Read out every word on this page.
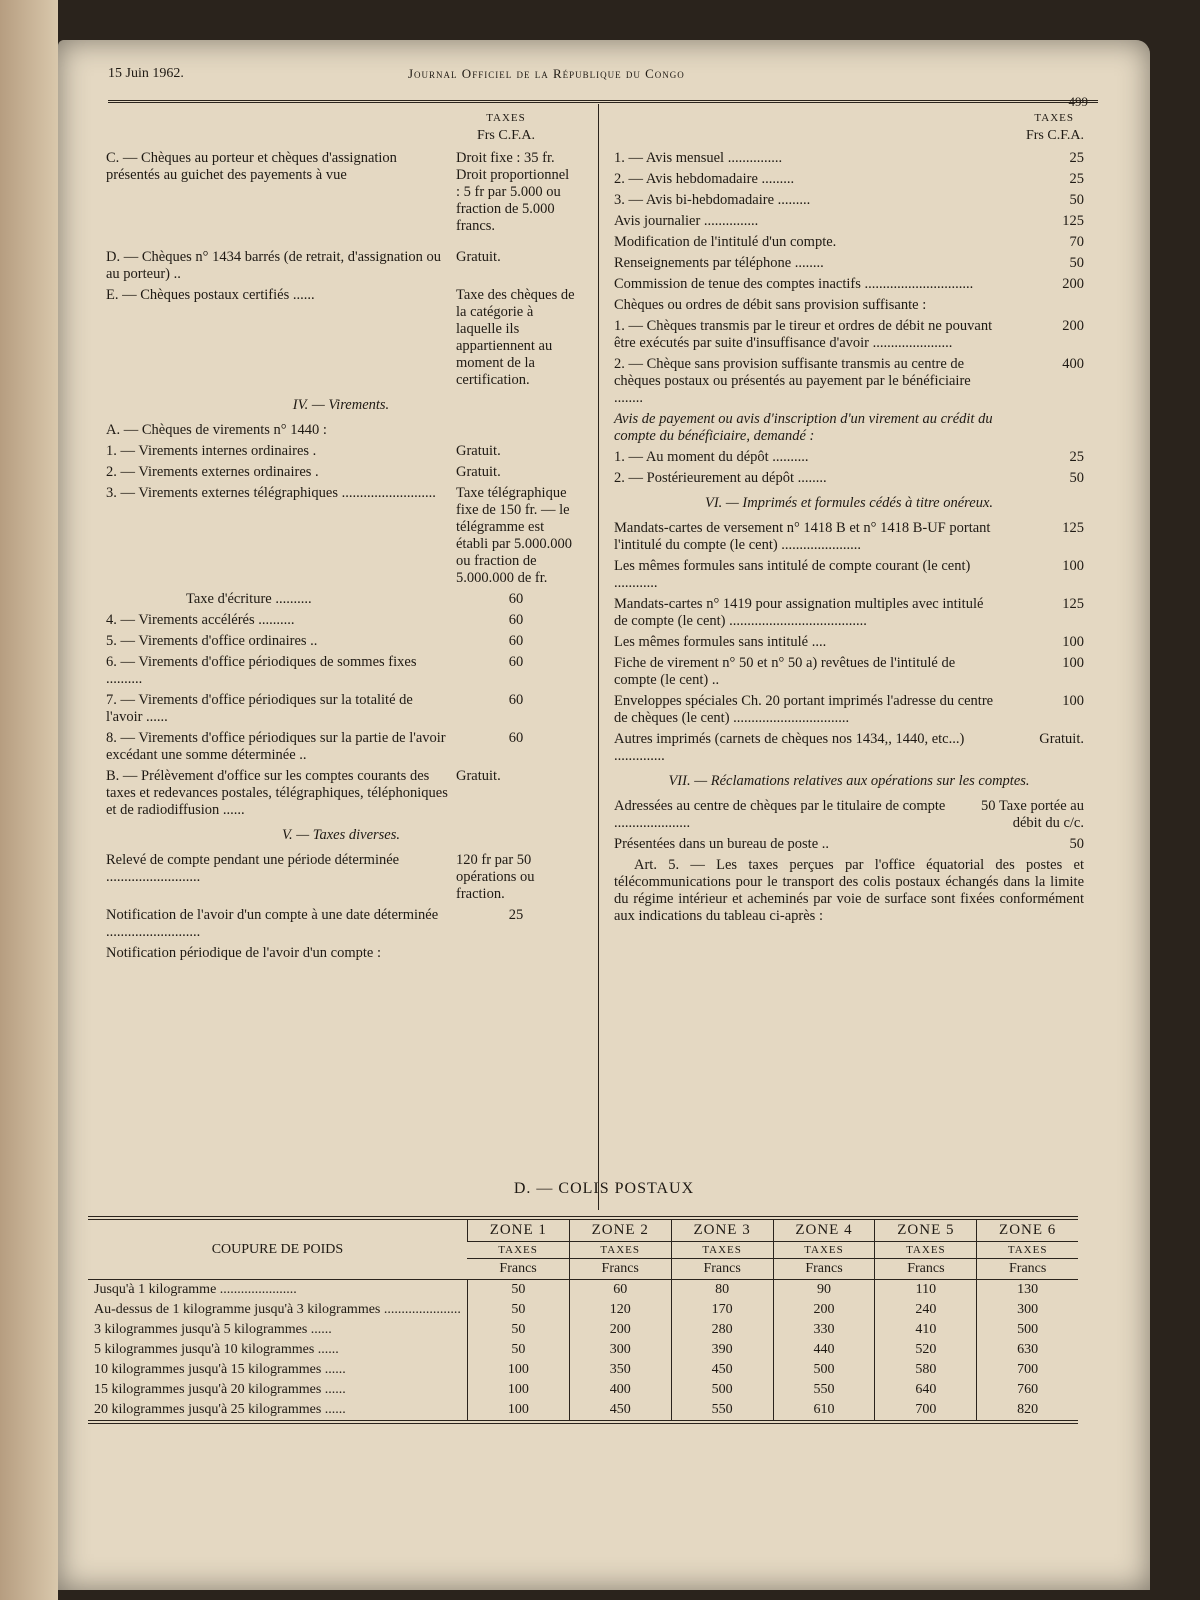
15 Juin 1962.	Journal Officiel de la République du Congo
499
TAXES
Frs C.F.A.
C. — Chèques au porteur et chèques d'assignation présentés au guichet des payements à vue
Droit fixe : 35 fr. Droit proportionnel : 5 fr par 5.000 ou fraction de 5.000 francs.
D. — Chèques n° 1434 barrés (de retrait, d'assignation ou au porteur) ..
Gratuit.
E. — Chèques postaux certifiés ......	Taxe des chèques de la catégorie à laquelle ils appartiennent au moment de la certification.
IV. — Virements.
A. — Chèques de virements n° 1440 :
1. — Virements internes ordinaires .	Gratuit.
2. — Virements externes ordinaires .	Gratuit.
3. — Virements externes télégraphiques ..........................	Taxe télégraphique fixe de 150 fr. — le télégramme est établi par 5.000.000 ou fraction de 5.000.000 de fr.
Taxe d'écriture ..........	60
4. — Virements accélérés ..........	60
5. — Virements d'office ordinaires ..	60
6. — Virements d'office périodiques de sommes fixes ..........
60
7. — Virements d'office périodiques sur la totalité de l'avoir ......
60
8. — Virements d'office périodiques sur la partie de l'avoir excédant une somme déterminée ..
60
B. — Prélèvement d'office sur les comptes courants des taxes et redevances postales, télégraphiques, téléphoniques et de radiodiffusion ......
Gratuit.
V. — Taxes diverses.
Relevé de compte pendant une période déterminée ..........................
120 fr par 50 opérations ou fraction.
Notification de l'avoir d'un compte à une date déterminée ..........................
25
Notification périodique de l'avoir d'un compte :
TAXES
Frs C.F.A.
1. — Avis mensuel ...............	25
2. — Avis hebdomadaire .........	25
3. — Avis bi-hebdomadaire .........	50
Avis journalier ...............	125
Modification de l'intitulé d'un compte.	70
Renseignements par téléphone ........	50
Commission de tenue des comptes inactifs ..............................	200
Chèques ou ordres de débit sans provision suffisante :
1. — Chèques transmis par le tireur et ordres de débit ne pouvant être exécutés par suite d'insuffisance d'avoir ......................
200
2. — Chèque sans provision suffisante transmis au centre de chèques postaux ou présentés au payement par le bénéficiaire ........
400
Avis de payement ou avis d'inscription d'un virement au crédit du compte du bénéficiaire, demandé :
1. — Au moment du dépôt ..........	25
2. — Postérieurement au dépôt ........	50
VI. — Imprimés et formules cédés à titre onéreux.
Mandats-cartes de versement n° 1418 B et n° 1418 B-UF portant l'intitulé du compte (le cent) ......................
125
Les mêmes formules sans intitulé de compte courant (le cent) ............
100
Mandats-cartes n° 1419 pour assignation multiples avec intitulé de compte (le cent) ......................................
125
Les mêmes formules sans intitulé ....	100
Fiche de virement n° 50 et n° 50 a) revêtues de l'intitulé de compte (le cent) ..
100
Enveloppes spéciales Ch. 20 portant imprimés l'adresse du centre de chèques (le cent) ................................
100
Autres imprimés (carnets de chèques nos 1434,, 1440, etc...) ..............
Gratuit.
VII. — Réclamations relatives aux opérations sur les comptes.
Adressées au centre de chèques par le titulaire de compte .....................
50 Taxe portée au débit du c/c.
Présentées dans un bureau de poste ..	50
Art. 5. — Les taxes perçues par l'office équatorial des postes et télécommunications pour le transport des colis postaux échangés dans la limite du régime intérieur et acheminés par voie de surface sont fixées conformément aux indications du tableau ci-après :
D. — COLIS POSTAUX
COUPURE DE POIDS	ZONE 1	ZONE 2	ZONE 3	ZONE 4	ZONE 5	ZONE 6
	TAXES	TAXES	TAXES	TAXES	TAXES	TAXES
	Francs	Francs	Francs	Francs	Francs	Francs
Jusqu'à 1 kilogramme ......................	50	60	80	90	110	130
Au-dessus de 1 kilogramme jusqu'à 3 kilogrammes ......................	50	120	170	200	240	300
3 kilogrammes jusqu'à 5 kilogrammes ......	50	200	280	330	410	500
5 kilogrammes jusqu'à 10 kilogrammes ......	50	300	390	440	520	630
10 kilogrammes jusqu'à 15 kilogrammes ......	100	350	450	500	580	700
15 kilogrammes jusqu'à 20 kilogrammes ......	100	400	500	550	640	760
20 kilogrammes jusqu'à 25 kilogrammes ......	100	450	550	610	700	820
